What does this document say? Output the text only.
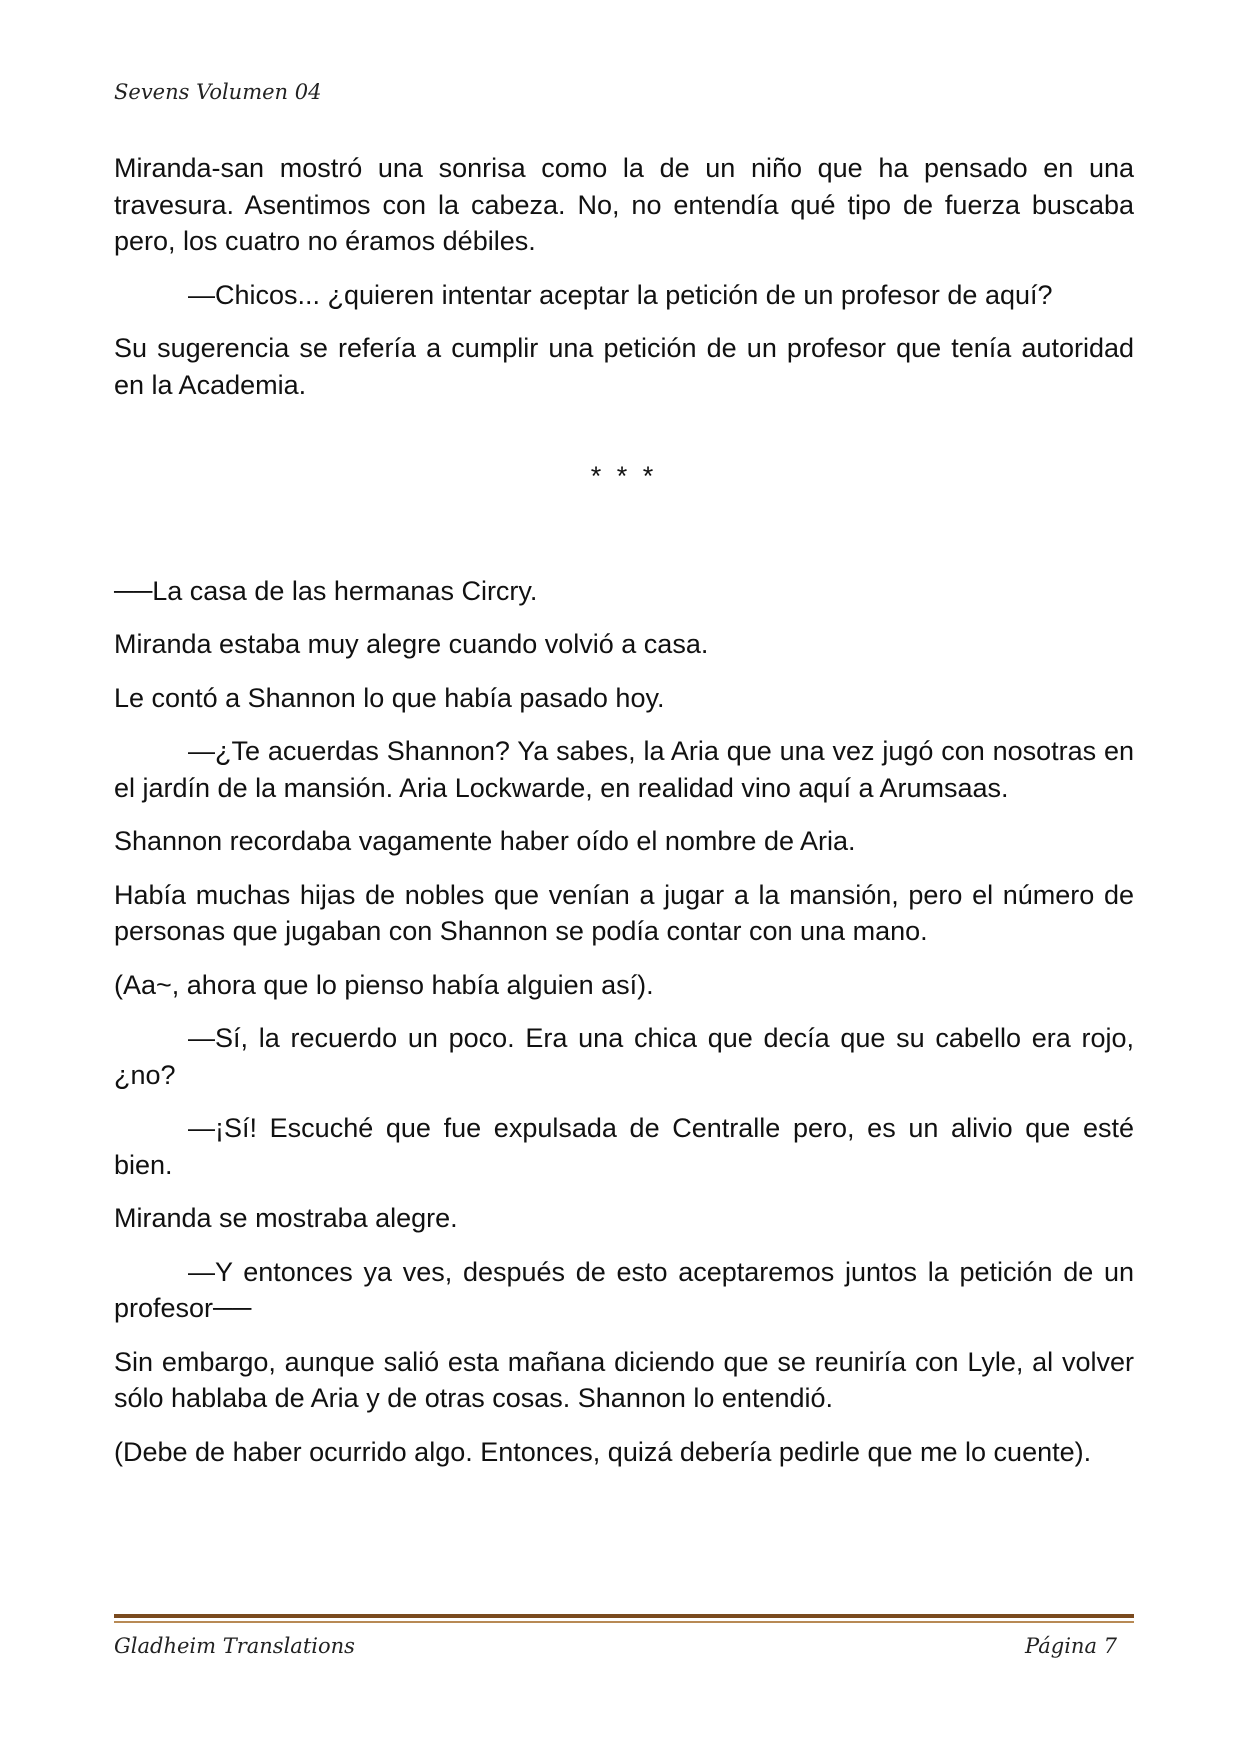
Sevens Volumen 04

Miranda-san mostró una sonrisa como la de un niño que ha pensado en una travesura. Asentimos con la cabeza. No, no entendía qué tipo de fuerza buscaba pero, los cuatro no éramos débiles.

—Chicos... ¿quieren intentar aceptar la petición de un profesor de aquí?

Su sugerencia se refería a cumplir una petición de un profesor que tenía autoridad en la Academia.

* * *

──La casa de las hermanas Circry.

Miranda estaba muy alegre cuando volvió a casa.

Le contó a Shannon lo que había pasado hoy.

—¿Te acuerdas Shannon? Ya sabes, la Aria que una vez jugó con nosotras en el jardín de la mansión. Aria Lockwarde, en realidad vino aquí a Arumsaas.

Shannon recordaba vagamente haber oído el nombre de Aria.

Había muchas hijas de nobles que venían a jugar a la mansión, pero el número de personas que jugaban con Shannon se podía contar con una mano.

(Aa~, ahora que lo pienso había alguien así).

—Sí, la recuerdo un poco. Era una chica que decía que su cabello era rojo, ¿no?

—¡Sí! Escuché que fue expulsada de Centralle pero, es un alivio que esté bien.

Miranda se mostraba alegre.

—Y entonces ya ves, después de esto aceptaremos juntos la petición de un profesor──

Sin embargo, aunque salió esta mañana diciendo que se reuniría con Lyle, al volver sólo hablaba de Aria y de otras cosas. Shannon lo entendió.

(Debe de haber ocurrido algo. Entonces, quizá debería pedirle que me lo cuente).

Gladheim Translations	Página 7
